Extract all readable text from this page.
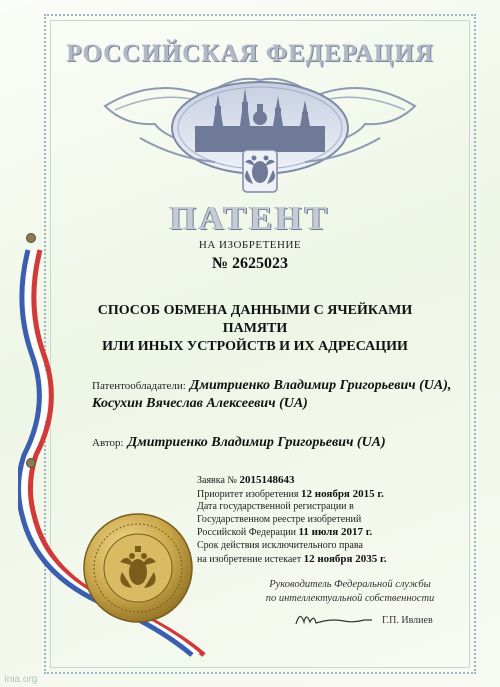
РОССИЙСКАЯ ФЕДЕРАЦИЯ
ПАТЕНТ
НА ИЗОБРЕТЕНИЕ
№ 2625023
СПОСОБ ОБМЕНА ДАННЫМИ С ЯЧЕЙКАМИ ПАМЯТИ
ИЛИ ИНЫХ УСТРОЙСТВ И ИХ АДРЕСАЦИИ
Патентообладатели: Дмитриенко Владимир Григорьевич (UA),
Косухин Вячеслав Алексеевич (UA)
Автор: Дмитриенко Владимир Григорьевич (UA)
Заявка № 2015148643
Приоритет изобретения 12 ноября 2015 г.
Дата государственной регистрации в
Государственном реестре изобретений
Российской Федерации 11 июля 2017 г.
Срок действия исключительного права
на изобретение истекает 12 ноября 2035 г.
Руководитель Федеральной службы
по интеллектуальной собственности
Г.П. Ивлиев
Inia.org
